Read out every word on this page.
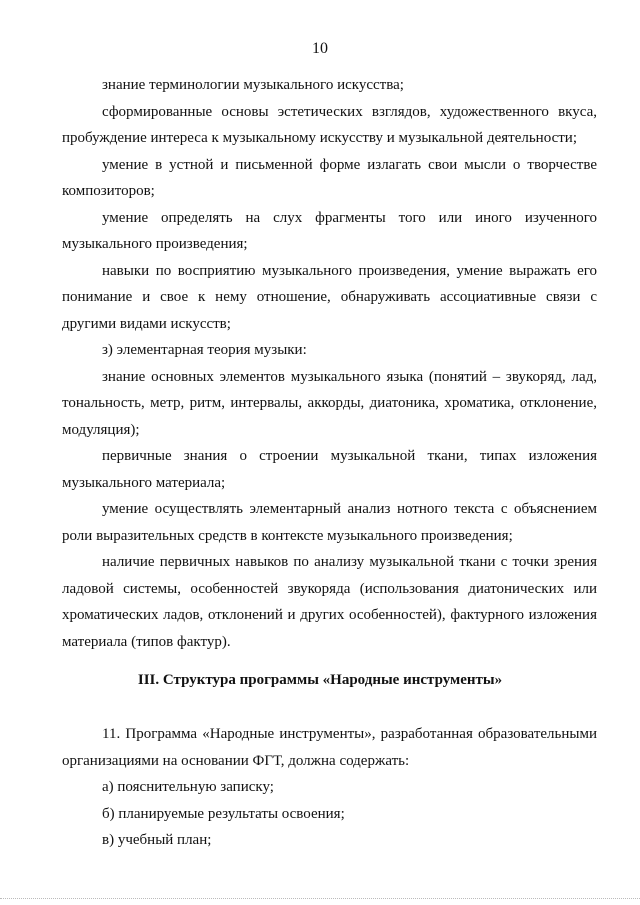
10

знание терминологии музыкального искусства;

сформированные основы эстетических взглядов, художественного вкуса, пробуждение интереса к музыкальному искусству и музыкальной деятельности;

умение в устной и письменной форме излагать свои мысли о творчестве композиторов;

умение определять на слух фрагменты того или иного изученного музыкального произведения;

навыки по восприятию музыкального произведения, умение выражать его понимание и свое к нему отношение, обнаруживать ассоциативные связи с другими видами искусств;

з) элементарная теория музыки:

знание основных элементов музыкального языка (понятий – звукоряд, лад, тональность, метр, ритм, интервалы, аккорды, диатоника, хроматика, отклонение, модуляция);

первичные знания о строении музыкальной ткани, типах изложения музыкального материала;

умение осуществлять элементарный анализ нотного текста с объяснением роли выразительных средств в контексте музыкального произведения;

наличие первичных навыков по анализу музыкальной ткани с точки зрения ладовой системы, особенностей звукоряда (использования диатонических или хроматических ладов, отклонений и других особенностей), фактурного изложения материала (типов фактур).

III. Структура программы «Народные инструменты»

11. Программа «Народные инструменты», разработанная образовательными организациями на основании ФГТ, должна содержать:

а) пояснительную записку;

б) планируемые результаты освоения;

в) учебный план;
